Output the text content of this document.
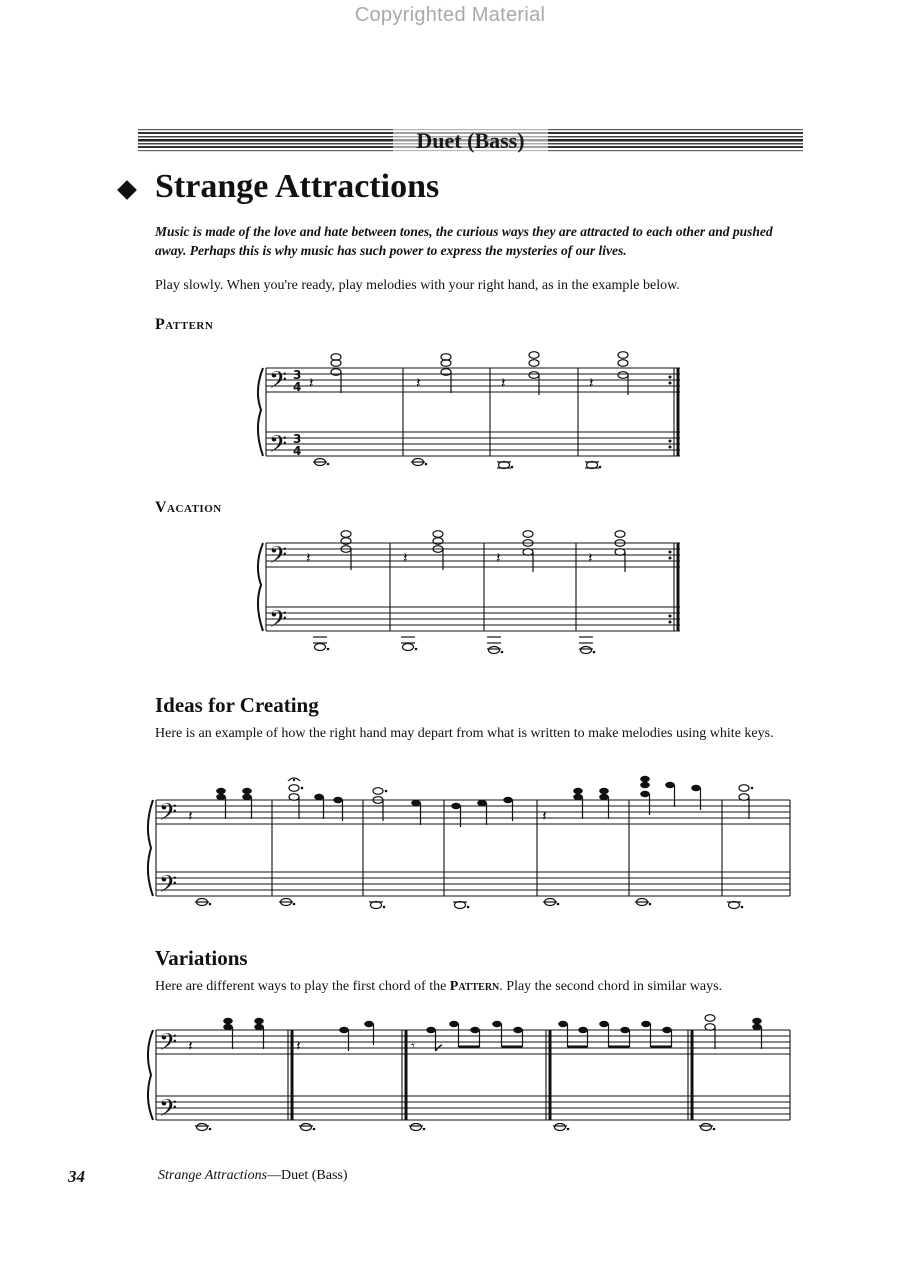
Copyrighted Material
Duet (Bass)
Strange Attractions
Music is made of the love and hate between tones, the curious ways they are attracted to each other and pushed away. Perhaps this is why music has such power to express the mysteries of our lives.
Play slowly. When you're ready, play melodies with your right hand, as in the example below.
Pattern
𝄢
𝄢
3
4
3
4
𝄽	𝄽	𝄽	𝄽
Vacation
𝄢
𝄢
𝄽	𝄽	𝄽	𝄽
Ideas for Creating
Here is an example of how the right hand may depart from what is written to make melodies using white keys.
𝄢
𝄢
𝄽	𝄽
Variations
Here are different ways to play the first chord of the Pattern. Play the second chord in similar ways.
𝄢
𝄢
𝄽	𝄽	𝄾
34	Strange Attractions—Duet (Bass)
